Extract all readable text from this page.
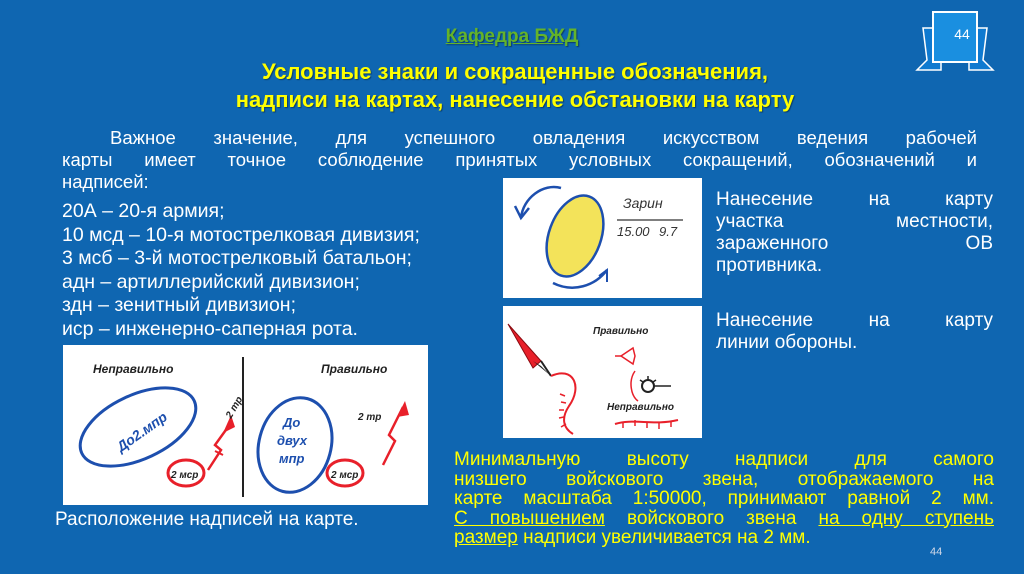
Кафедра БЖД
Условные знаки и сокращенные обозначения,
надписи на картах, нанесение обстановки на карту
44
Важное значение, для успешного овладения искусством ведения рабочей
карты имеет точное соблюдение принятых условных сокращений, обозначений и
надписей:
20А – 20-я армия;
10 мсд – 10-я мотострелковая дивизия;
3 мсб – 3-й мотострелковый батальон;
адн – артиллерийский дивизион;
здн – зенитный дивизион;
иср – инженерно-саперная рота.
Зарин
15.00 9.7
Правильно
Неправильно
Неправильно	Правильно
До2.мпр
2 мср
2 тр
До
двух
мпр
2 мср
2 тр
Нанесение на карту
участка местности,
зараженного ОВ
противника.
Нанесение на карту
линии обороны.
Расположение надписей на карте.
Минимальную высоту надписи для самого
низшего войскового звена, отображаемого на
карте масштаба 1:50000, принимают равной 2 мм.
С повышением войскового звена на одну ступень
размер надписи увеличивается на 2 мм.
44
